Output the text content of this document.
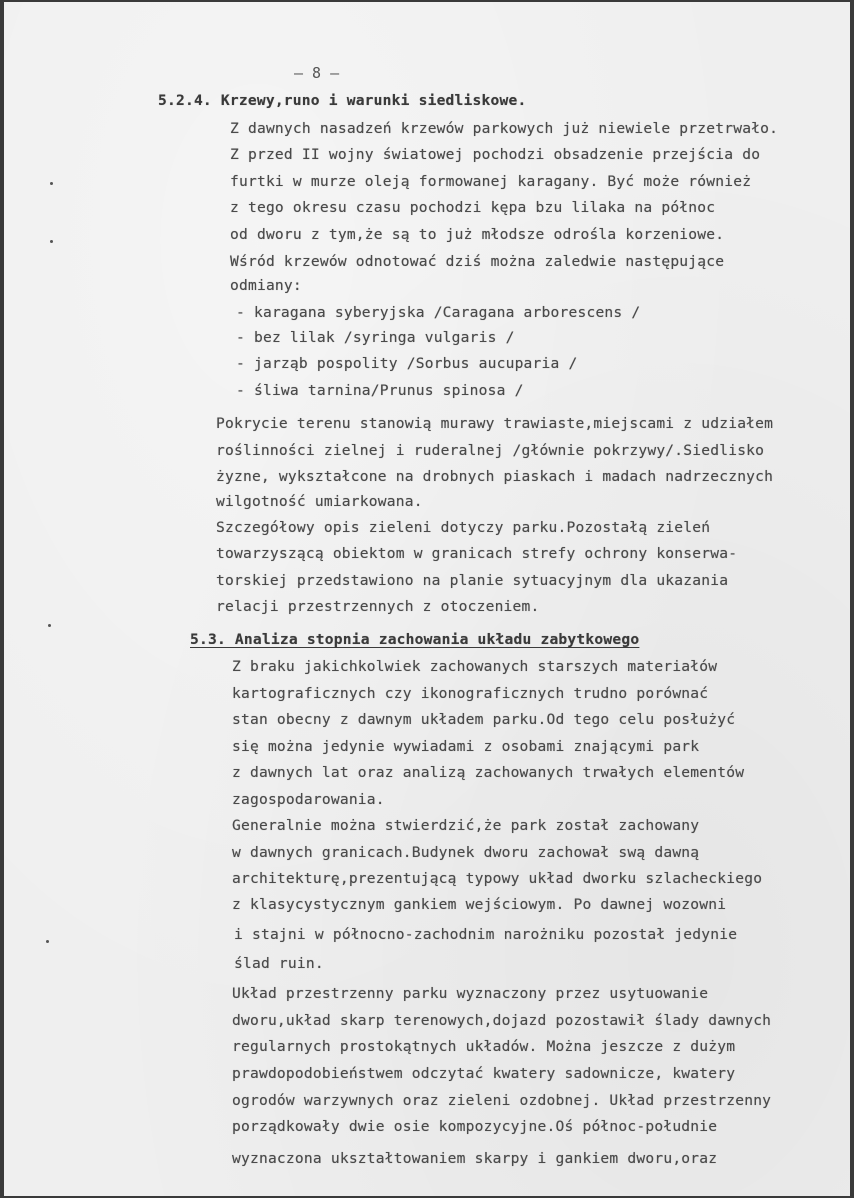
– 8 –
5.2.4. Krzewy,runo i warunki siedliskowe.
Z dawnych nasadzeń krzewów parkowych już niewiele przetrwało.
Z przed II wojny światowej pochodzi obsadzenie przejścia do
furtki w murze oleją formowanej karagany. Być może również
z tego okresu czasu pochodzi kępa bzu lilaka na północ
od dworu z tym,że są to już młodsze odrośla korzeniowe.
Wśród krzewów odnotować dziś można zaledwie następujące
odmiany:
- karagana syberyjska /Caragana arborescens /
- bez lilak /syringa vulgaris /
- jarząb pospolity /Sorbus aucuparia /
- śliwa tarnina/Prunus spinosa /
Pokrycie terenu stanowią murawy trawiaste,miejscami z udziałem
roślinności zielnej i ruderalnej /głównie pokrzywy/.Siedlisko
żyzne, wykształcone na drobnych piaskach i madach nadrzecznych
wilgotność umiarkowana.
Szczegółowy opis zieleni dotyczy parku.Pozostałą zieleń
towarzyszącą obiektom w granicach strefy ochrony konserwa-
torskiej przedstawiono na planie sytuacyjnym dla ukazania
relacji przestrzennych z otoczeniem.
5.3. Analiza stopnia zachowania układu zabytkowego
Z braku jakichkolwiek zachowanych starszych materiałów
kartograficznych czy ikonograficznych trudno porównać
stan obecny z dawnym układem parku.Od tego celu posłużyć
się można jedynie wywiadami z osobami znającymi park
z dawnych lat oraz analizą zachowanych trwałych elementów
zagospodarowania.
Generalnie można stwierdzić,że park został zachowany
w dawnych granicach.Budynek dworu zachował swą dawną
architekturę,prezentującą typowy układ dworku szlacheckiego
z klasycystycznym gankiem wejściowym. Po dawnej wozowni
i stajni w północno-zachodnim narożniku pozostał jedynie
ślad ruin.
Układ przestrzenny parku wyznaczony przez usytuowanie
dworu,układ skarp terenowych,dojazd pozostawił ślady dawnych
regularnych prostokątnych układów. Można jeszcze z dużym
prawdopodobieństwem odczytać kwatery sadownicze, kwatery
ogrodów warzywnych oraz zieleni ozdobnej. Układ przestrzenny
porządkowały dwie osie kompozycyjne.Oś północ-południe
wyznaczona ukształtowaniem skarpy i gankiem dworu,oraz
